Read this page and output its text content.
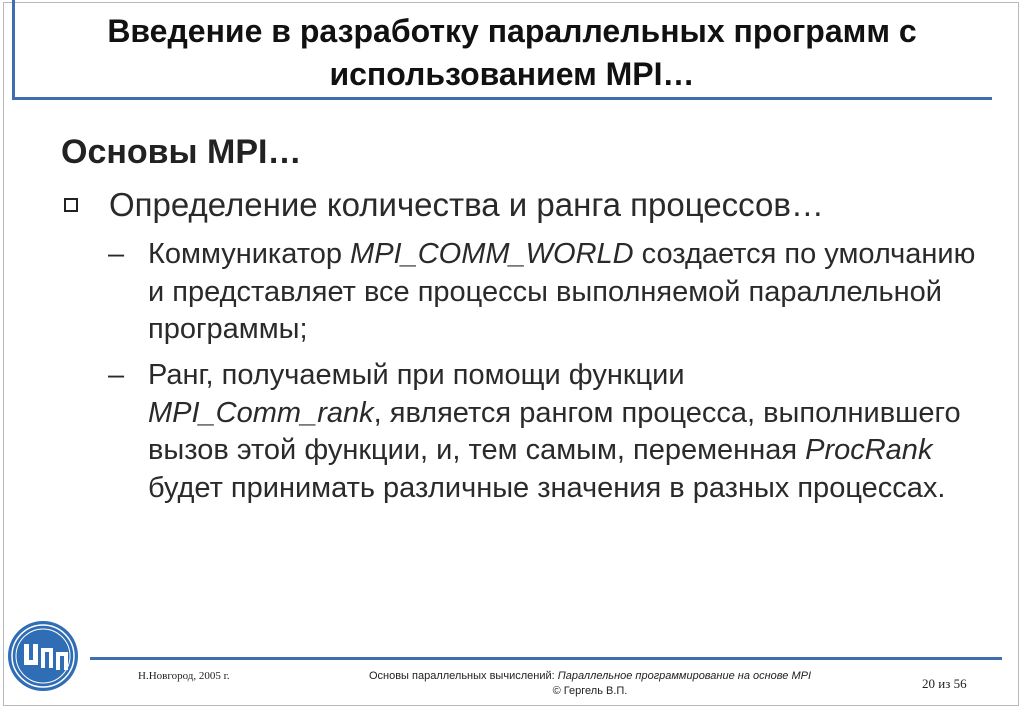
Введение в разработку параллельных программ с
использованием MPI…
Основы MPI…
Определение количества и ранга процессов…
– Коммуникатор MPI_COMM_WORLD создается по умолчанию и представляет все процессы выполняемой параллельной программы;
– Ранг, получаемый при помощи функции
MPI_Comm_rank, является рангом процесса, выполнившего вызов этой функции, и, тем самым, переменная ProcRank будет принимать различные значения в разных процессах.
Н.Новгород, 2005 г.	Основы параллельных вычислений: Параллельное программирование на основе MPI
© Гергель В.П.	20 из 56
